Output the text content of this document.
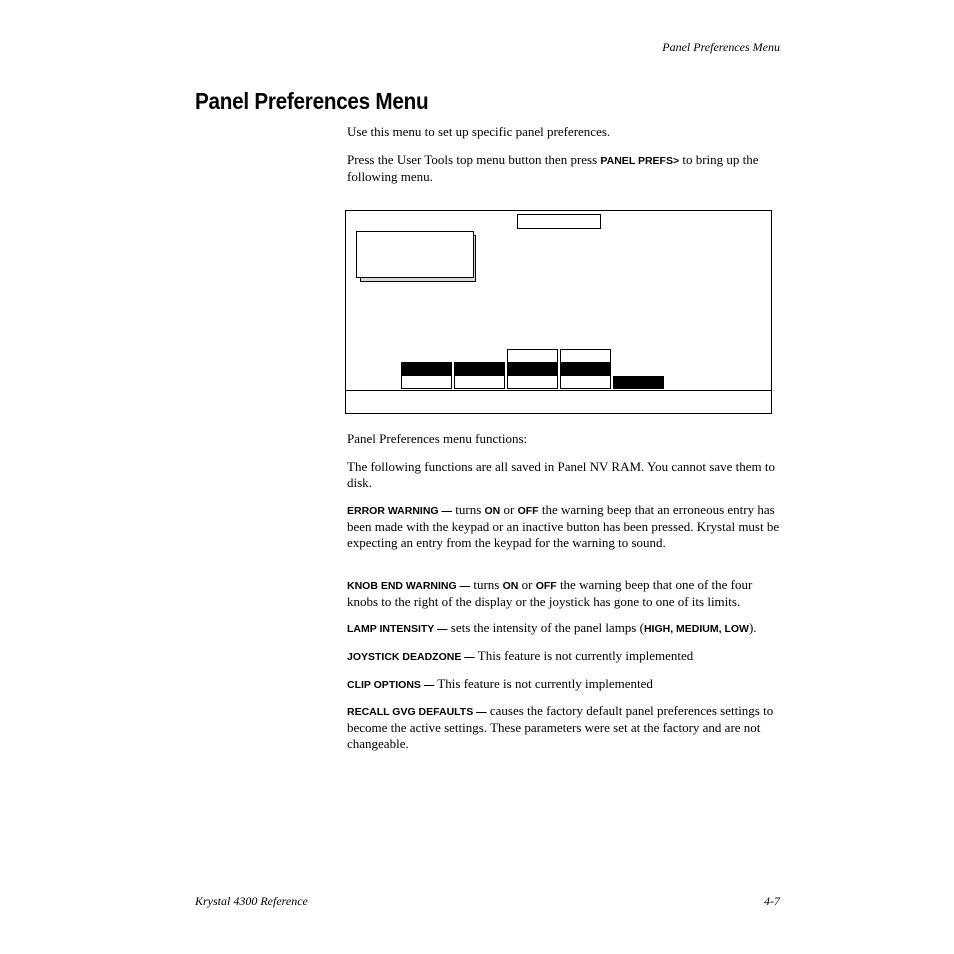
Panel Preferences Menu
Panel Preferences Menu
Use this menu to set up specific panel preferences.
Press the User Tools top menu button then press PANEL PREFS> to bring up the following menu.
Panel Preferences menu functions:
The following functions are all saved in Panel NV RAM. You cannot save them to disk.
ERROR WARNING — turns ON or OFF the warning beep that an erroneous entry has been made with the keypad or an inactive button has been pressed. Krystal must be expecting an entry from the keypad for the warning to sound.
KNOB END WARNING — turns ON or OFF the warning beep that one of the four knobs to the right of the display or the joystick has gone to one of its limits.
LAMP INTENSITY — sets the intensity of the panel lamps (HIGH, MEDIUM, LOW).
JOYSTICK DEADZONE — This feature is not currently implemented
CLIP OPTIONS — This feature is not currently implemented
RECALL GVG DEFAULTS — causes the factory default panel preferences settings to become the active settings. These parameters were set at the factory and are not changeable.
Krystal 4300 Reference	4-7
